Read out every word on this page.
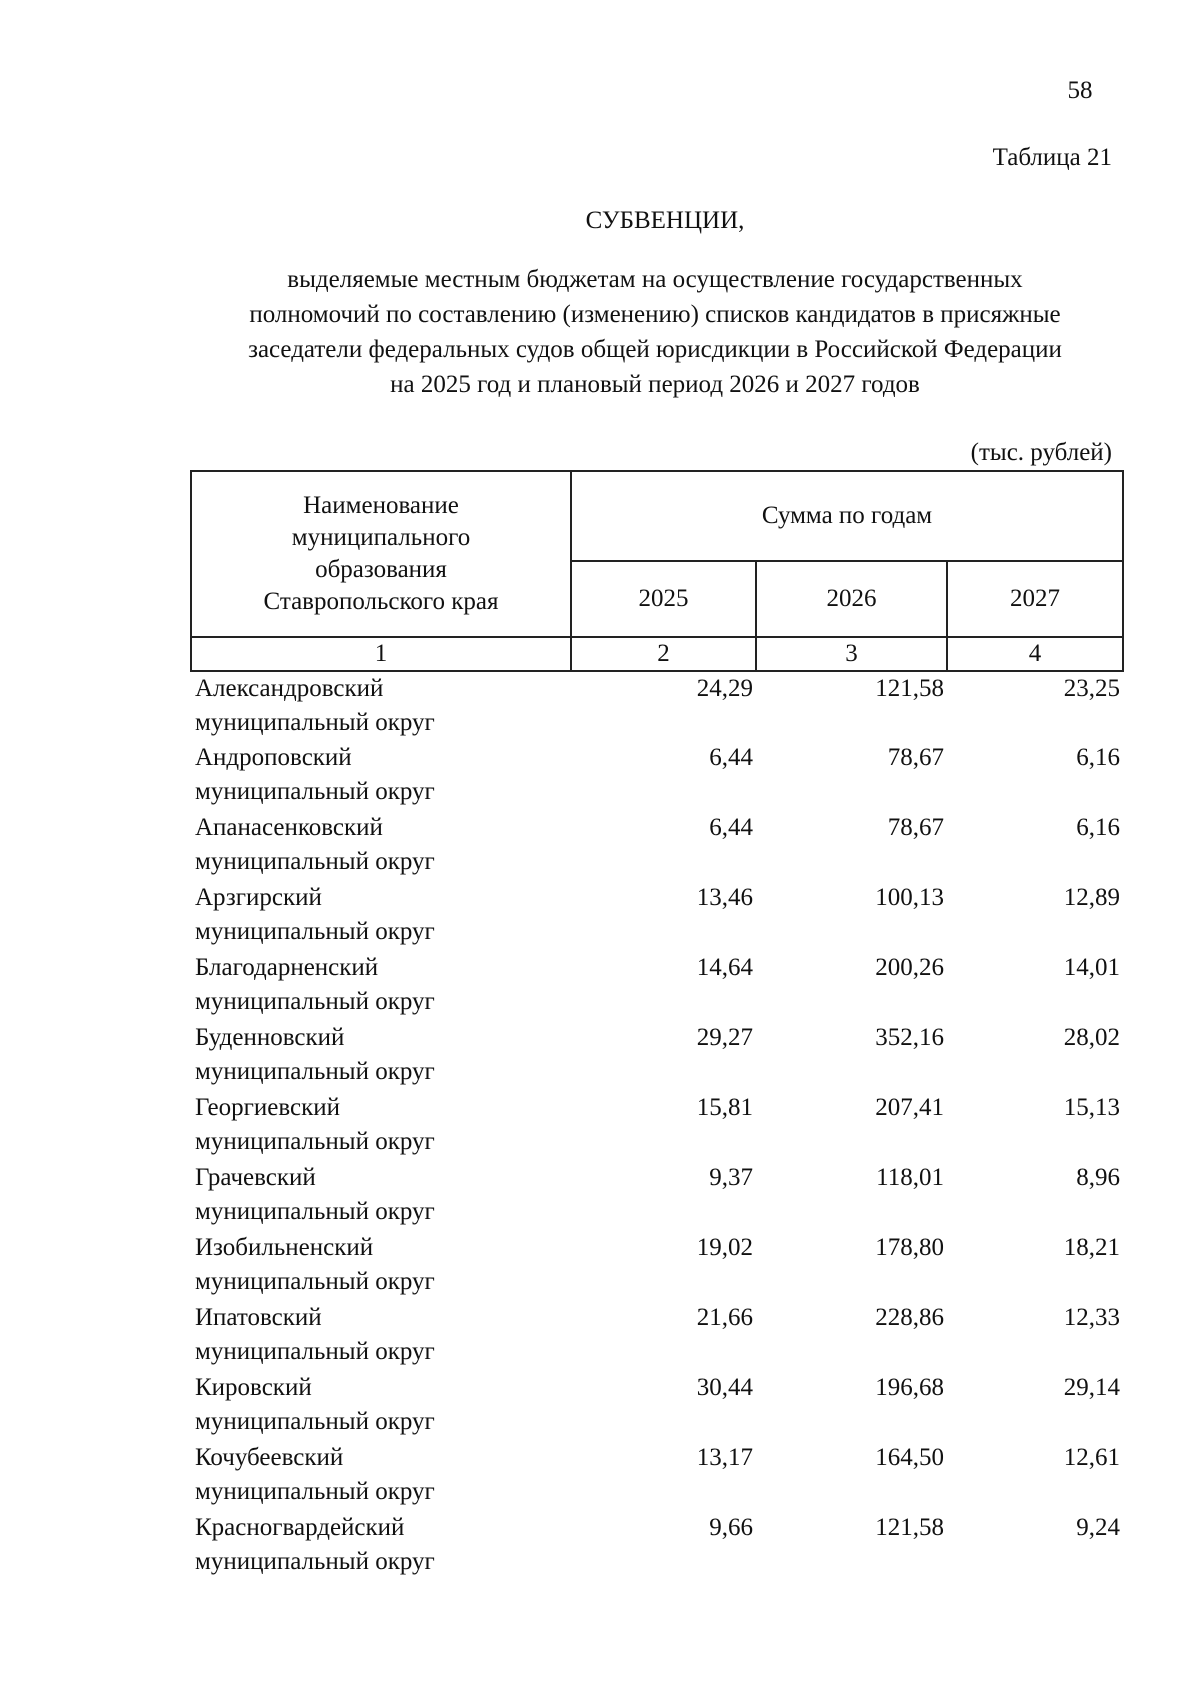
58
Таблица 21
СУБВЕНЦИИ,
выделяемые местным бюджетам на осуществление государственных
полномочий по составлению (изменению) списков кандидатов в присяжные
заседатели федеральных судов общей юрисдикции в Российской Федерации
на 2025 год и плановый период 2026 и 2027 годов
(тыс. рублей)
Наименование муниципального образования Ставропольского края	Сумма по годам		
	2025	2026	2027
1	2	3	4
Александровский
муниципальный округ	24,29	121,58	23,25
Андроповский
муниципальный округ	6,44	78,67	6,16
Апанасенковский
муниципальный округ	6,44	78,67	6,16
Арзгирский
муниципальный округ	13,46	100,13	12,89
Благодарненский
муниципальный округ	14,64	200,26	14,01
Буденновский
муниципальный округ	29,27	352,16	28,02
Георгиевский
муниципальный округ	15,81	207,41	15,13
Грачевский
муниципальный округ	9,37	118,01	8,96
Изобильненский
муниципальный округ	19,02	178,80	18,21
Ипатовский
муниципальный округ	21,66	228,86	12,33
Кировский
муниципальный округ	30,44	196,68	29,14
Кочубеевский
муниципальный округ	13,17	164,50	12,61
Красногвардейский
муниципальный округ	9,66	121,58	9,24
